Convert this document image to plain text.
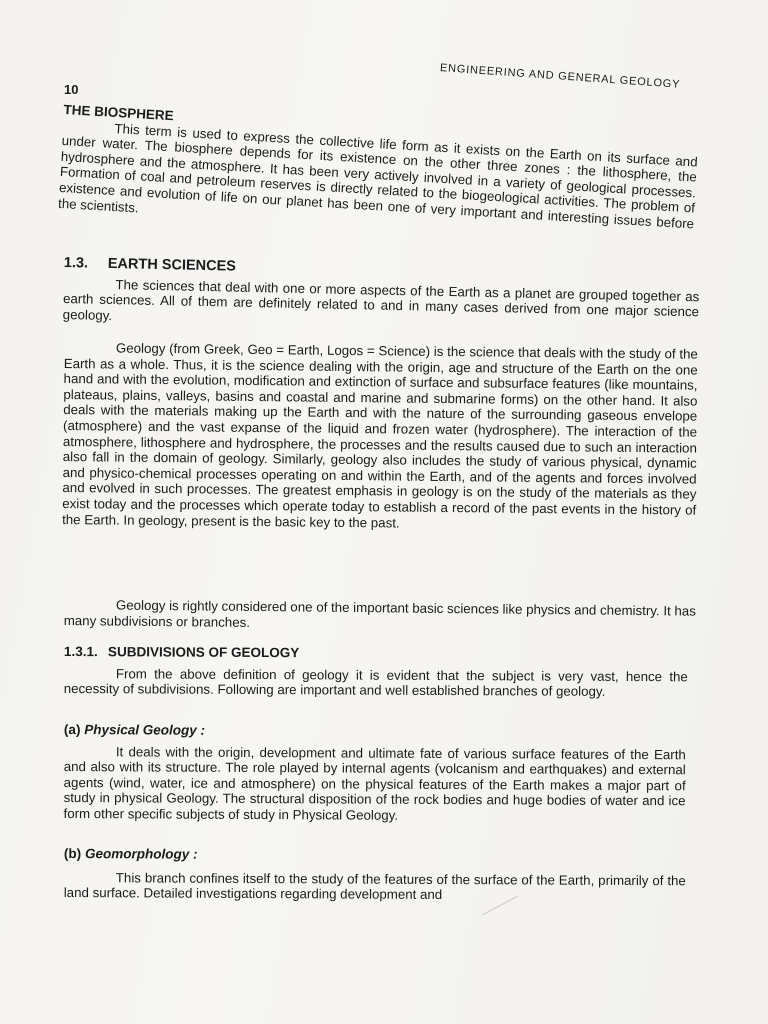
10	ENGINEERING AND GENERAL GEOLOGY
THE BIOSPHERE

This term is used to express the collective life form as it exists on the Earth on its surface and under water. The biosphere depends for its existence on the other three zones : the lithosphere, the hydrosphere and the atmosphere. It has been very actively involved in a variety of geological processes. Formation of coal and petroleum reserves is directly related to the biogeological activities. The problem of existence and evolution of life on our planet has been one of very important and interesting issues before the scientists.

1.3. EARTH SCIENCES

The sciences that deal with one or more aspects of the Earth as a planet are grouped together as earth sciences. All of them are definitely related to and in many cases derived from one major science geology.

Geology (from Greek, Geo = Earth, Logos = Science) is the science that deals with the study of the Earth as a whole. Thus, it is the science dealing with the origin, age and structure of the Earth on the one hand and with the evolution, modification and extinction of surface and subsurface features (like mountains, plateaus, plains, valleys, basins and coastal and marine and submarine forms) on the other hand. It also deals with the materials making up the Earth and with the nature of the surrounding gaseous envelope (atmosphere) and the vast expanse of the liquid and frozen water (hydrosphere). The interaction of the atmosphere, lithosphere and hydrosphere, the processes and the results caused due to such an interaction also fall in the domain of geology. Similarly, geology also includes the study of various physical, dynamic and physico-chemical processes operating on and within the Earth, and of the agents and forces involved and evolved in such processes. The greatest emphasis in geology is on the study of the materials as they exist today and the processes which operate today to establish a record of the past events in the history of the Earth. In geology, present is the basic key to the past.

Geology is rightly considered one of the important basic sciences like physics and chemistry. It has many subdivisions or branches.

1.3.1. SUBDIVISIONS OF GEOLOGY

From the above definition of geology it is evident that the subject is very vast, hence the necessity of subdivisions. Following are important and well established branches of geology.

(a) Physical Geology :

It deals with the origin, development and ultimate fate of various surface features of the Earth and also with its structure. The role played by internal agents (volcanism and earthquakes) and external agents (wind, water, ice and atmosphere) on the physical features of the Earth makes a major part of study in physical Geology. The structural disposition of the rock bodies and huge bodies of water and ice form other specific subjects of study in Physical Geology.

(b) Geomorphology :

This branch confines itself to the study of the features of the surface of the Earth, primarily of the land surface. Detailed investigations regarding development and
